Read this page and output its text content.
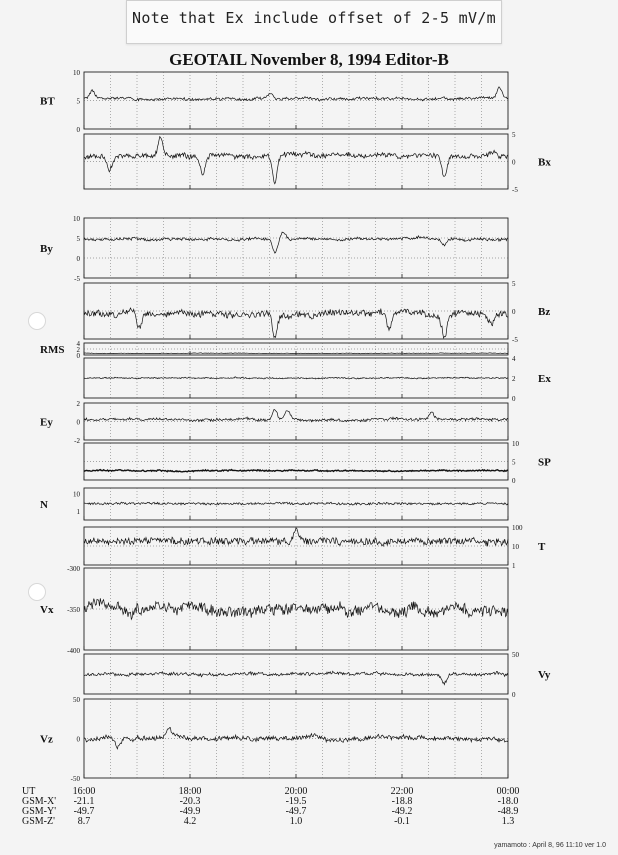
Note that Ex include offset of 2-5 mV/m
GEOTAIL November 8, 1994 Editor-B
10
5
0
BT
5
0
-5
Bx
10
5
0
-5
By
5
0
-5
Bz
4
2
0
RMS
4
2
0
Ex
2
0
-2
Ey
10
5
0
SP
10
1
N
100
10
1
T
-300
-350
-400
Vx
50
0
Vy
50
0
-50
Vz
UT
GSM-X'
GSM-Y'
GSM-Z'
16:00
-21.1
-49.7
8.7
18:00
-20.3
-49.9
4.2
20:00
-19.5
-49.7
1.0
22:00
-18.8
-49.2
-0.1
00:00
-18.0
-48.9
1.3
yamamoto : April 8, 96 11:10 ver 1.0
